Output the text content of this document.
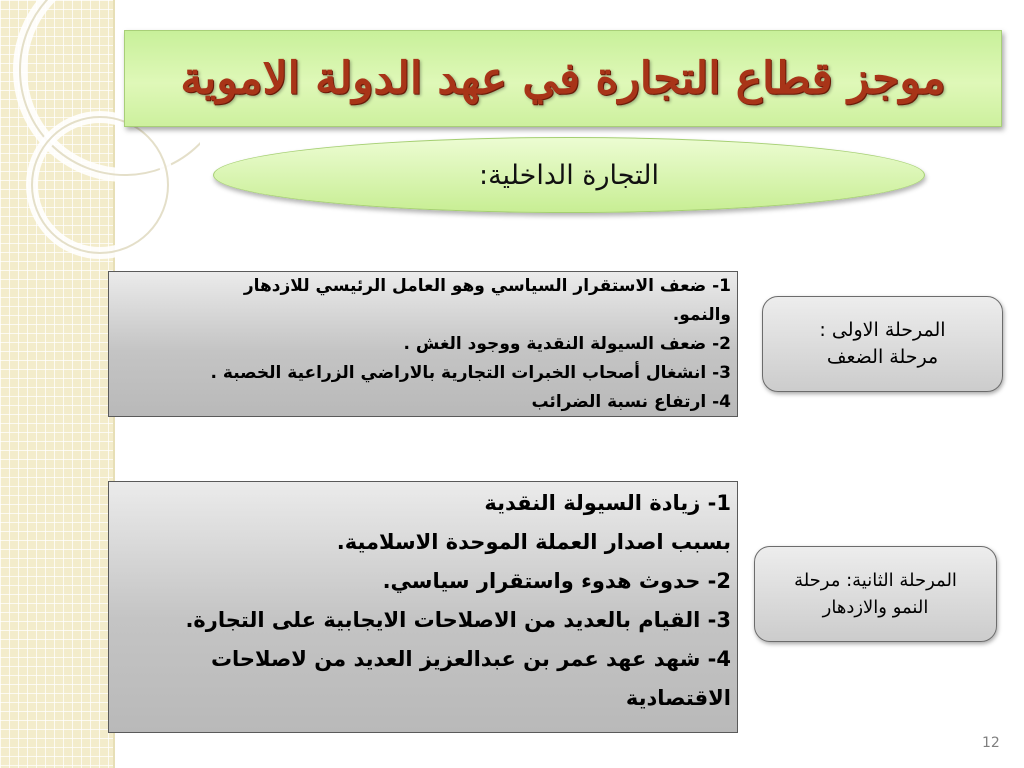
موجز قطاع التجارة في عهد الدولة الاموية
التجارة الداخلية:
1- ضعف الاستقرار السياسي وهو العامل الرئيسي للازدهار
والنمو.
2- ضعف السيولة النقدية ووجود الغش .
3- انشغال أصحاب الخبرات التجارية بالاراضي الزراعية الخصبة .
4- ارتفاع نسبة الضرائب
المرحلة الاولى :
مرحلة الضعف
1- زيادة السيولة النقدية
بسبب اصدار العملة الموحدة الاسلامية.
2- حدوث هدوء واستقرار سياسي.
3- القيام بالعديد من الاصلاحات الايجابية على التجارة.
4- شهد عهد عمر بن عبدالعزيز العديد من لاصلاحات
الاقتصادية
المرحلة الثانية: مرحلة
النمو والازدهار
12
